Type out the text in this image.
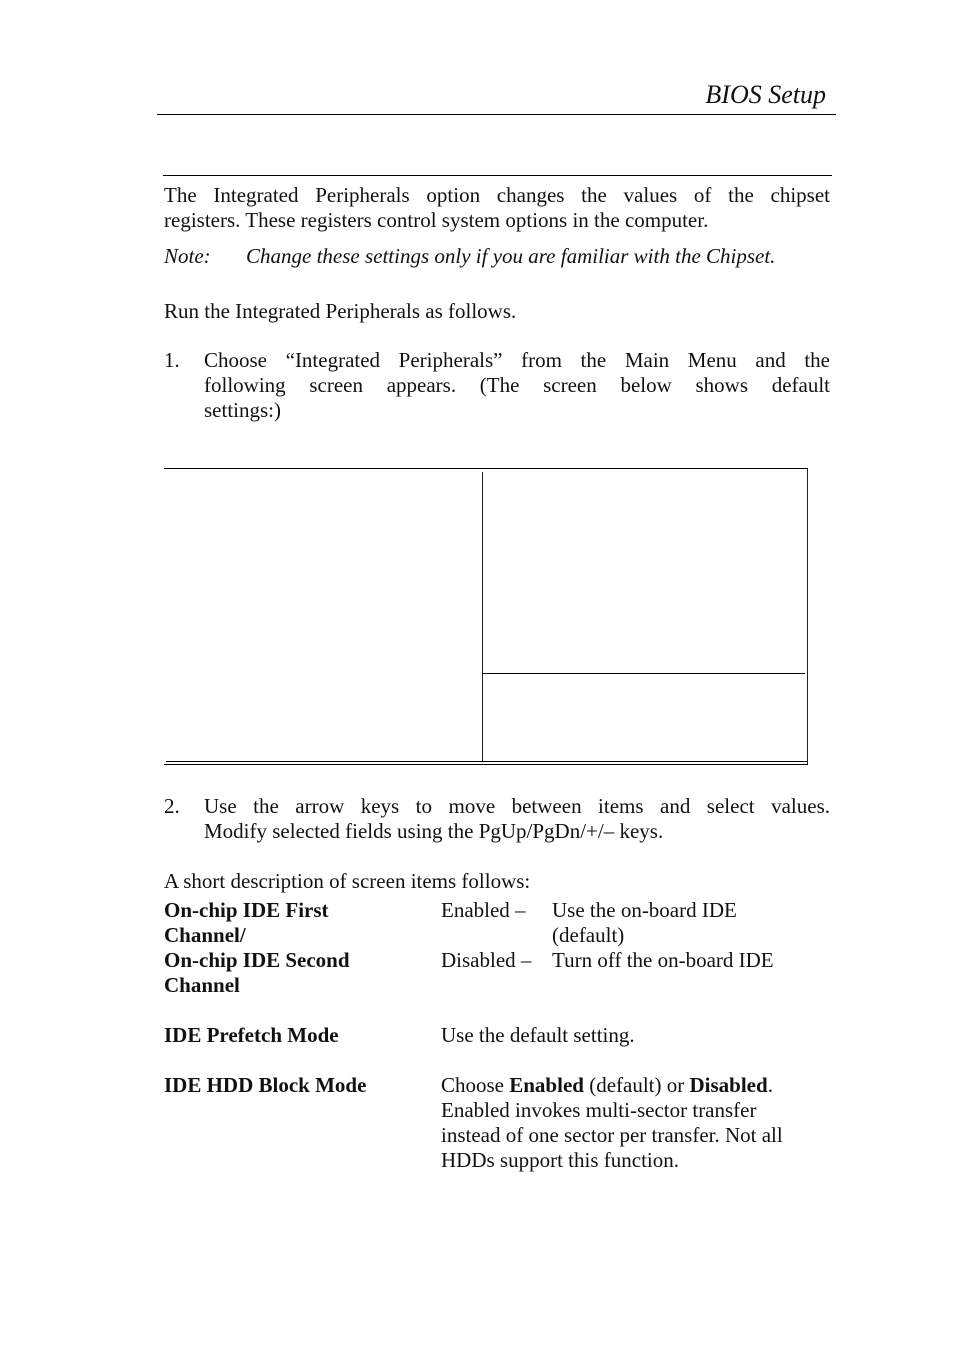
BIOS Setup
The Integrated Peripherals option changes the values of the chipset
registers. These registers control system options in the computer.
Note: Change these settings only if you are familiar with the Chipset.
Run the Integrated Peripherals as follows.
1. Choose “Integrated Peripherals” from the Main Menu and the
following screen appears. (The screen below shows default
settings:)
2. Use the arrow keys to move between items and select values.
Modify selected fields using the PgUp/PgDn/+/– keys.
A short description of screen items follows:
On-chip IDE First
Channel/
On-chip IDE Second
Channel
Enabled – Use the on-board IDE
(default)
Disabled – Turn off the on-board IDE
IDE Prefetch Mode	Use the default setting.
IDE HDD Block Mode	Choose Enabled (default) or Disabled.
Enabled invokes multi-sector transfer
instead of one sector per transfer. Not all
HDDs support this function.
